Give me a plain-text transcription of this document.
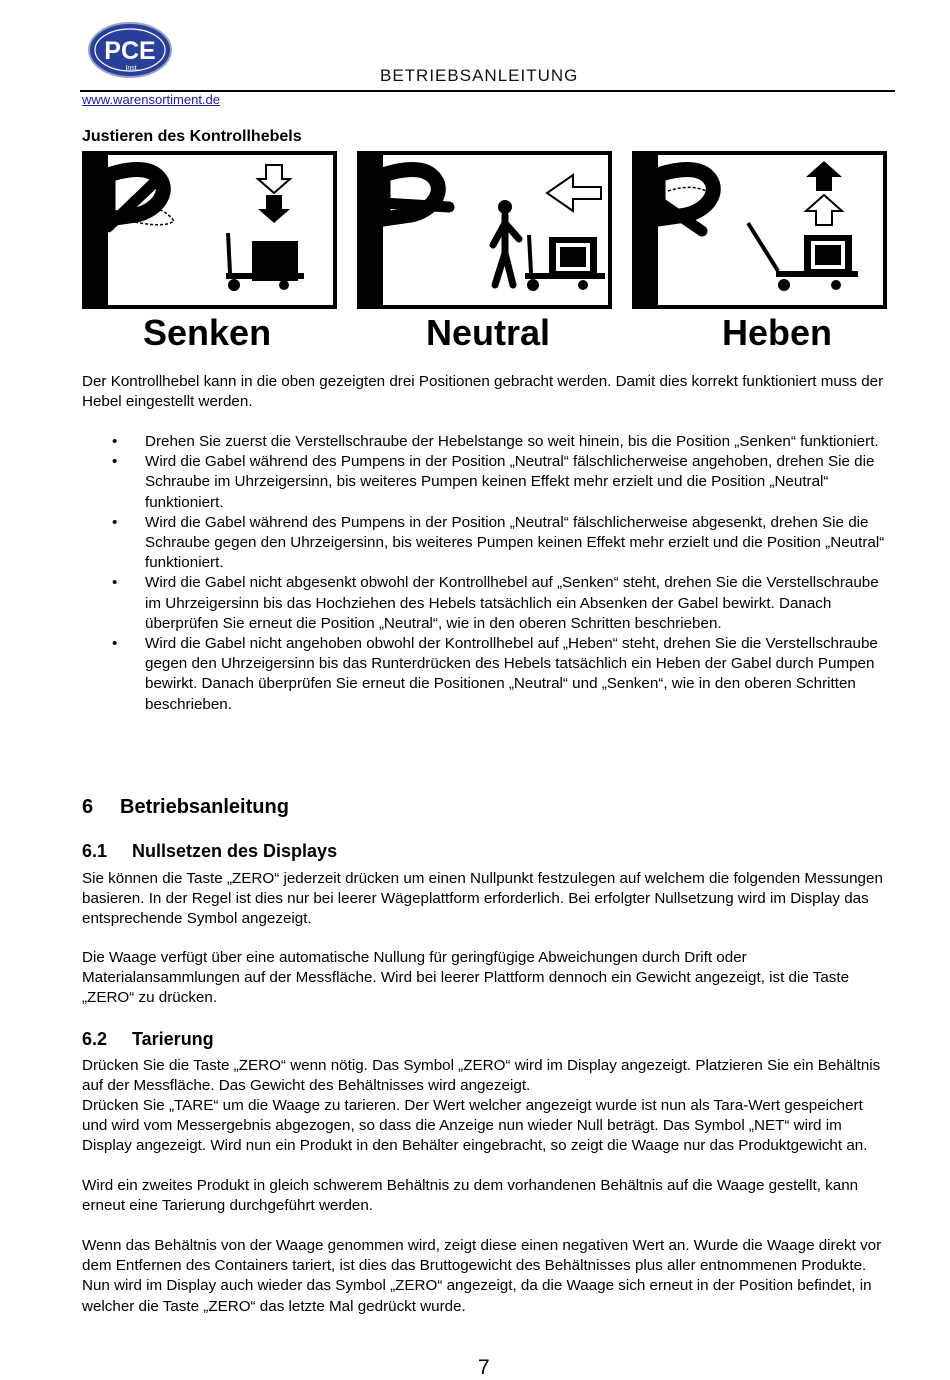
PCE
Inst.	BETRIEBSANLEITUNG
www.warensortiment.de
Justieren des Kontrollhebels
Senken	Neutral	Heben
Der Kontrollhebel kann in die oben gezeigten drei Positionen gebracht werden. Damit dies korrekt funktioniert muss der Hebel eingestellt werden.
• Drehen Sie zuerst die Verstellschraube der Hebelstange so weit hinein, bis die Position „Senken“ funktioniert.
• Wird die Gabel während des Pumpens in der Position „Neutral“ fälschlicherweise angehoben, drehen Sie die Schraube im Uhrzeigersinn, bis weiteres Pumpen keinen Effekt mehr erzielt und die Position „Neutral“ funktioniert.
• Wird die Gabel während des Pumpens in der Position „Neutral“ fälschlicherweise abgesenkt, drehen Sie die Schraube gegen den Uhrzeigersinn, bis weiteres Pumpen keinen Effekt mehr erzielt und die Position „Neutral“ funktioniert.
• Wird die Gabel nicht abgesenkt obwohl der Kontrollhebel auf „Senken“ steht, drehen Sie die Verstellschraube im Uhrzeigersinn bis das Hochziehen des Hebels tatsächlich ein Absenken der Gabel bewirkt. Danach überprüfen Sie erneut die Position „Neutral“, wie in den oberen Schritten beschrieben.
• Wird die Gabel nicht angehoben obwohl der Kontrollhebel auf „Heben“ steht, drehen Sie die Verstellschraube gegen den Uhrzeigersinn bis das Runterdrücken des Hebels tatsächlich ein Heben der Gabel durch Pumpen bewirkt. Danach überprüfen Sie erneut die Positionen „Neutral“ und „Senken“, wie in den oberen Schritten beschrieben.
6 Betriebsanleitung
6.1 Nullsetzen des Displays
Sie können die Taste „ZERO“ jederzeit drücken um einen Nullpunkt festzulegen auf welchem die folgenden Messungen basieren. In der Regel ist dies nur bei leerer Wägeplattform erforderlich. Bei erfolgter Nullsetzung wird im Display das entsprechende Symbol angezeigt.
Die Waage verfügt über eine automatische Nullung für geringfügige Abweichungen durch Drift oder Materialansammlungen auf der Messfläche. Wird bei leerer Plattform dennoch ein Gewicht angezeigt, ist die Taste „ZERO“ zu drücken.
6.2 Tarierung
Drücken Sie die Taste „ZERO“ wenn nötig. Das Symbol „ZERO“ wird im Display angezeigt. Platzieren Sie ein Behältnis auf der Messfläche. Das Gewicht des Behältnisses wird angezeigt.
Drücken Sie „TARE“ um die Waage zu tarieren. Der Wert welcher angezeigt wurde ist nun als Tara-Wert gespeichert und wird vom Messergebnis abgezogen, so dass die Anzeige nun wieder Null beträgt. Das Symbol „NET“ wird im Display angezeigt. Wird nun ein Produkt in den Behälter eingebracht, so zeigt die Waage nur das Produktgewicht an.
Wird ein zweites Produkt in gleich schwerem Behältnis zu dem vorhandenen Behältnis auf die Waage gestellt, kann erneut eine Tarierung durchgeführt werden.
Wenn das Behältnis von der Waage genommen wird, zeigt diese einen negativen Wert an. Wurde die Waage direkt vor dem Entfernen des Containers tariert, ist dies das Bruttogewicht des Behältnisses plus aller entnommenen Produkte. Nun wird im Display auch wieder das Symbol „ZERO“ angezeigt, da die Waage sich erneut in der Position befindet, in welcher die Taste „ZERO“ das letzte Mal gedrückt wurde.
7
